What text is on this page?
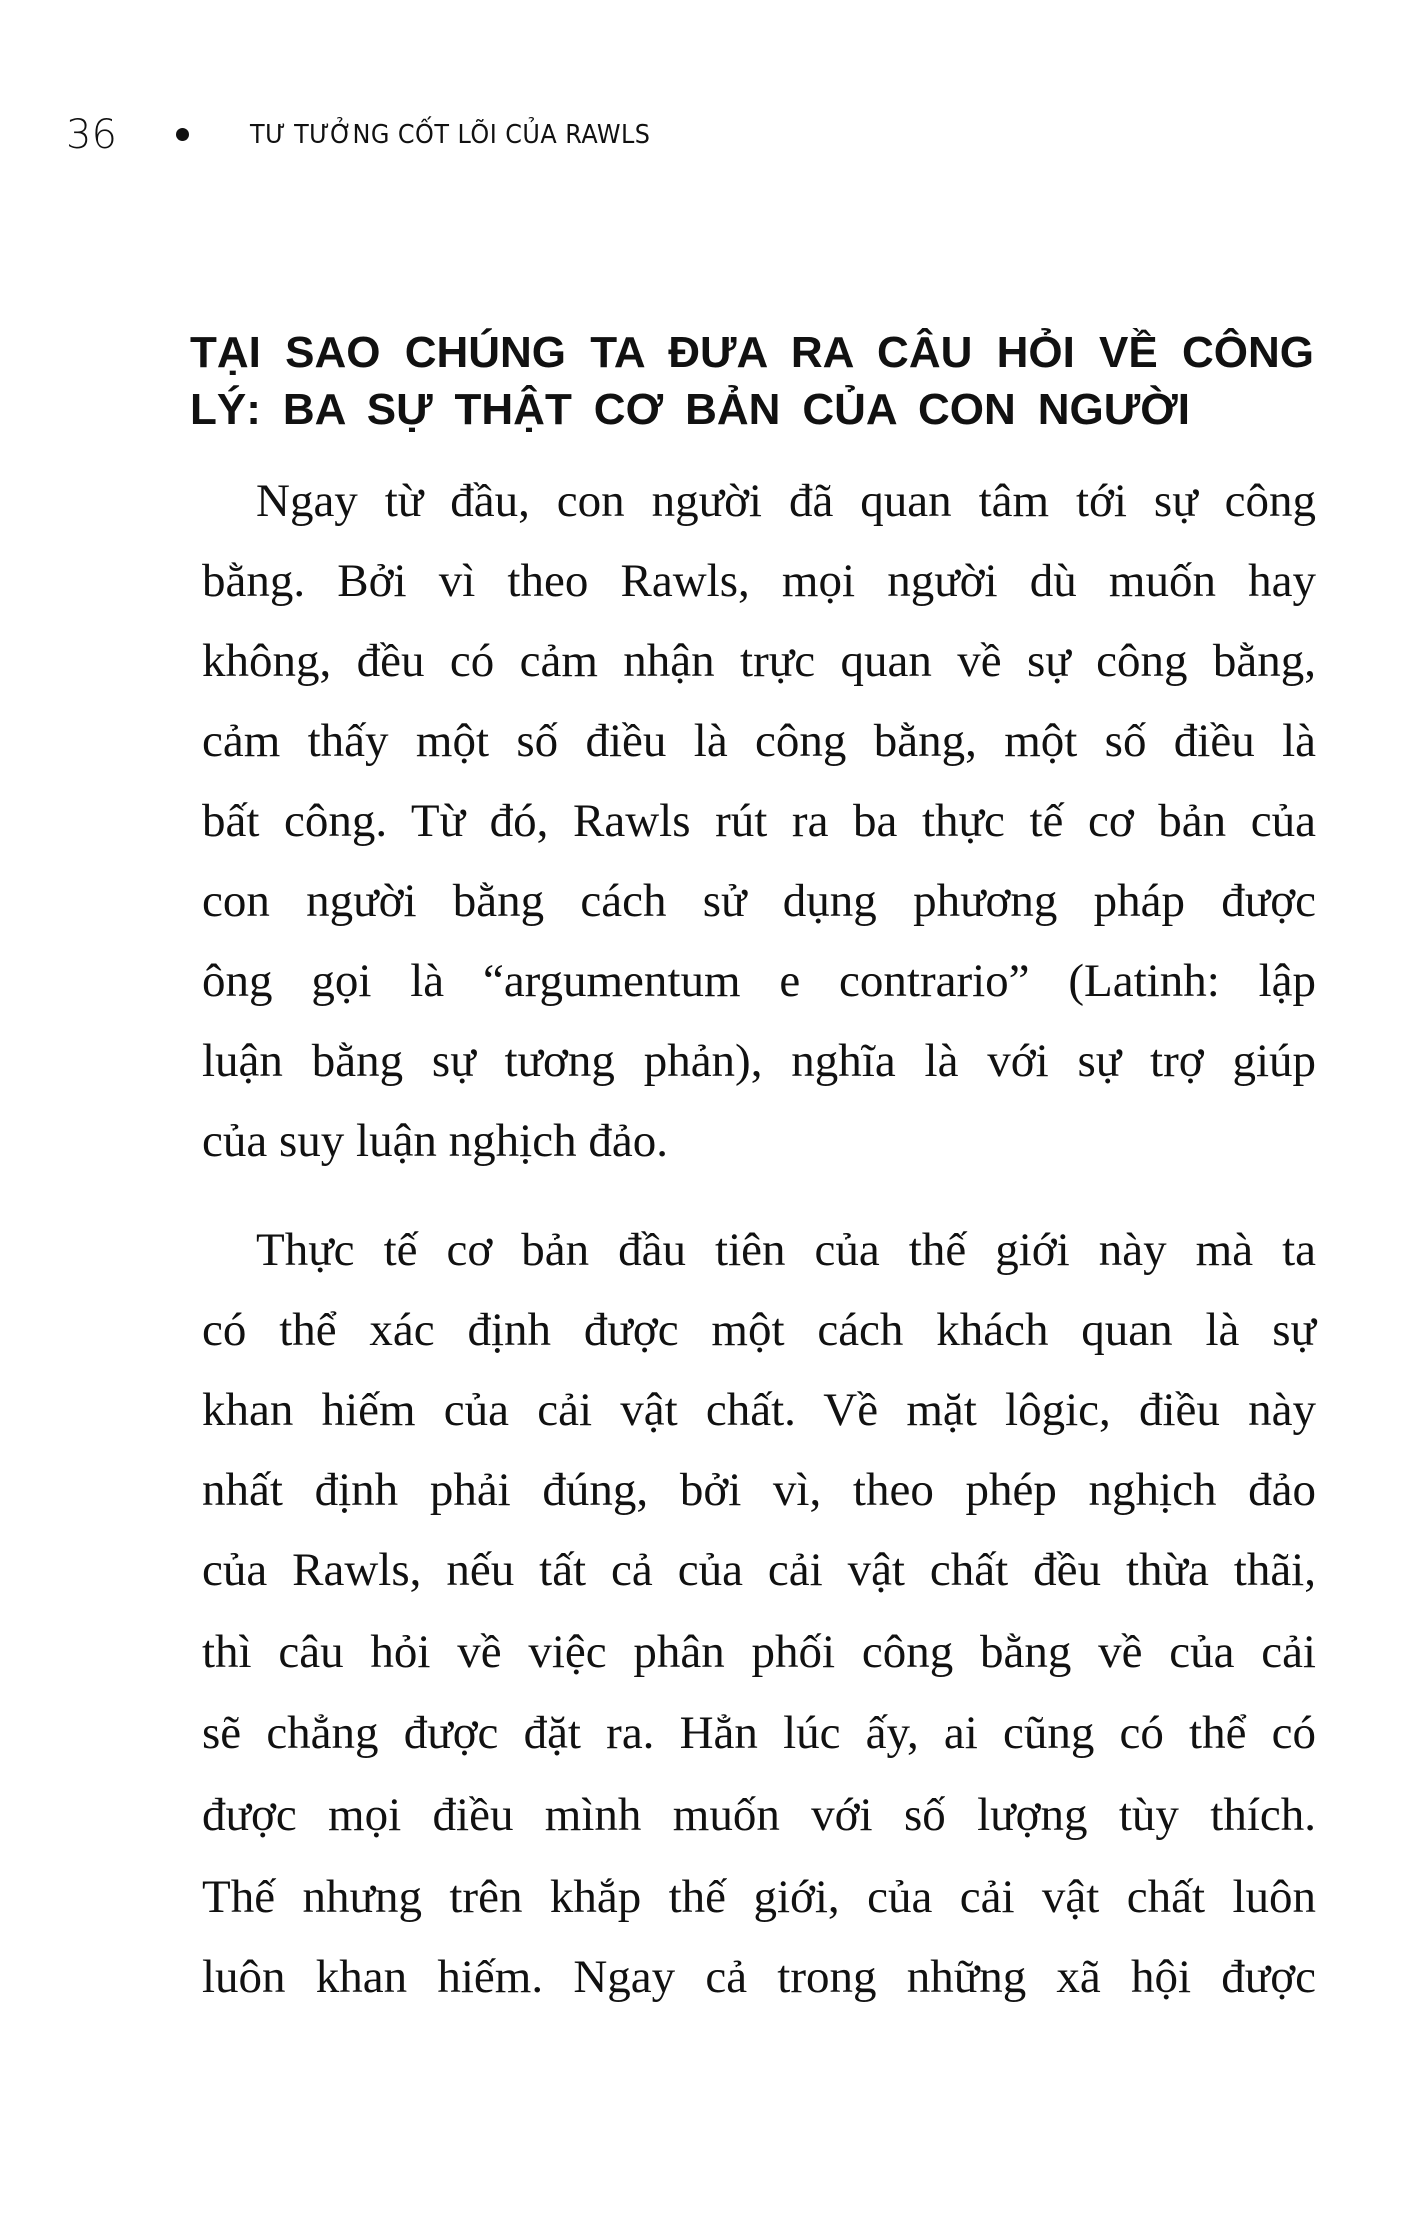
36	TƯ TƯỞNG CỐT LÕI CỦA RAWLS
TẠI SAO CHÚNG TA ĐƯA RA CÂU HỎI VỀ CÔNG
LÝ: BA SỰ THẬT CƠ BẢN CỦA CON NGƯỜI
Ngay từ đầu, con người đã quan tâm tới sự công
bằng. Bởi vì theo Rawls, mọi người dù muốn hay
không, đều có cảm nhận trực quan về sự công bằng,
cảm thấy một số điều là công bằng, một số điều là
bất công. Từ đó, Rawls rút ra ba thực tế cơ bản của
con người bằng cách sử dụng phương pháp được
ông gọi là “argumentum e contrario” (Latinh: lập
luận bằng sự tương phản), nghĩa là với sự trợ giúp
của suy luận nghịch đảo.
Thực tế cơ bản đầu tiên của thế giới này mà ta
có thể xác định được một cách khách quan là sự
khan hiếm của cải vật chất. Về mặt lôgic, điều này
nhất định phải đúng, bởi vì, theo phép nghịch đảo
của Rawls, nếu tất cả của cải vật chất đều thừa thãi,
thì câu hỏi về việc phân phối công bằng về của cải
sẽ chẳng được đặt ra. Hẳn lúc ấy, ai cũng có thể có
được mọi điều mình muốn với số lượng tùy thích.
Thế nhưng trên khắp thế giới, của cải vật chất luôn
luôn khan hiếm. Ngay cả trong những xã hội được
